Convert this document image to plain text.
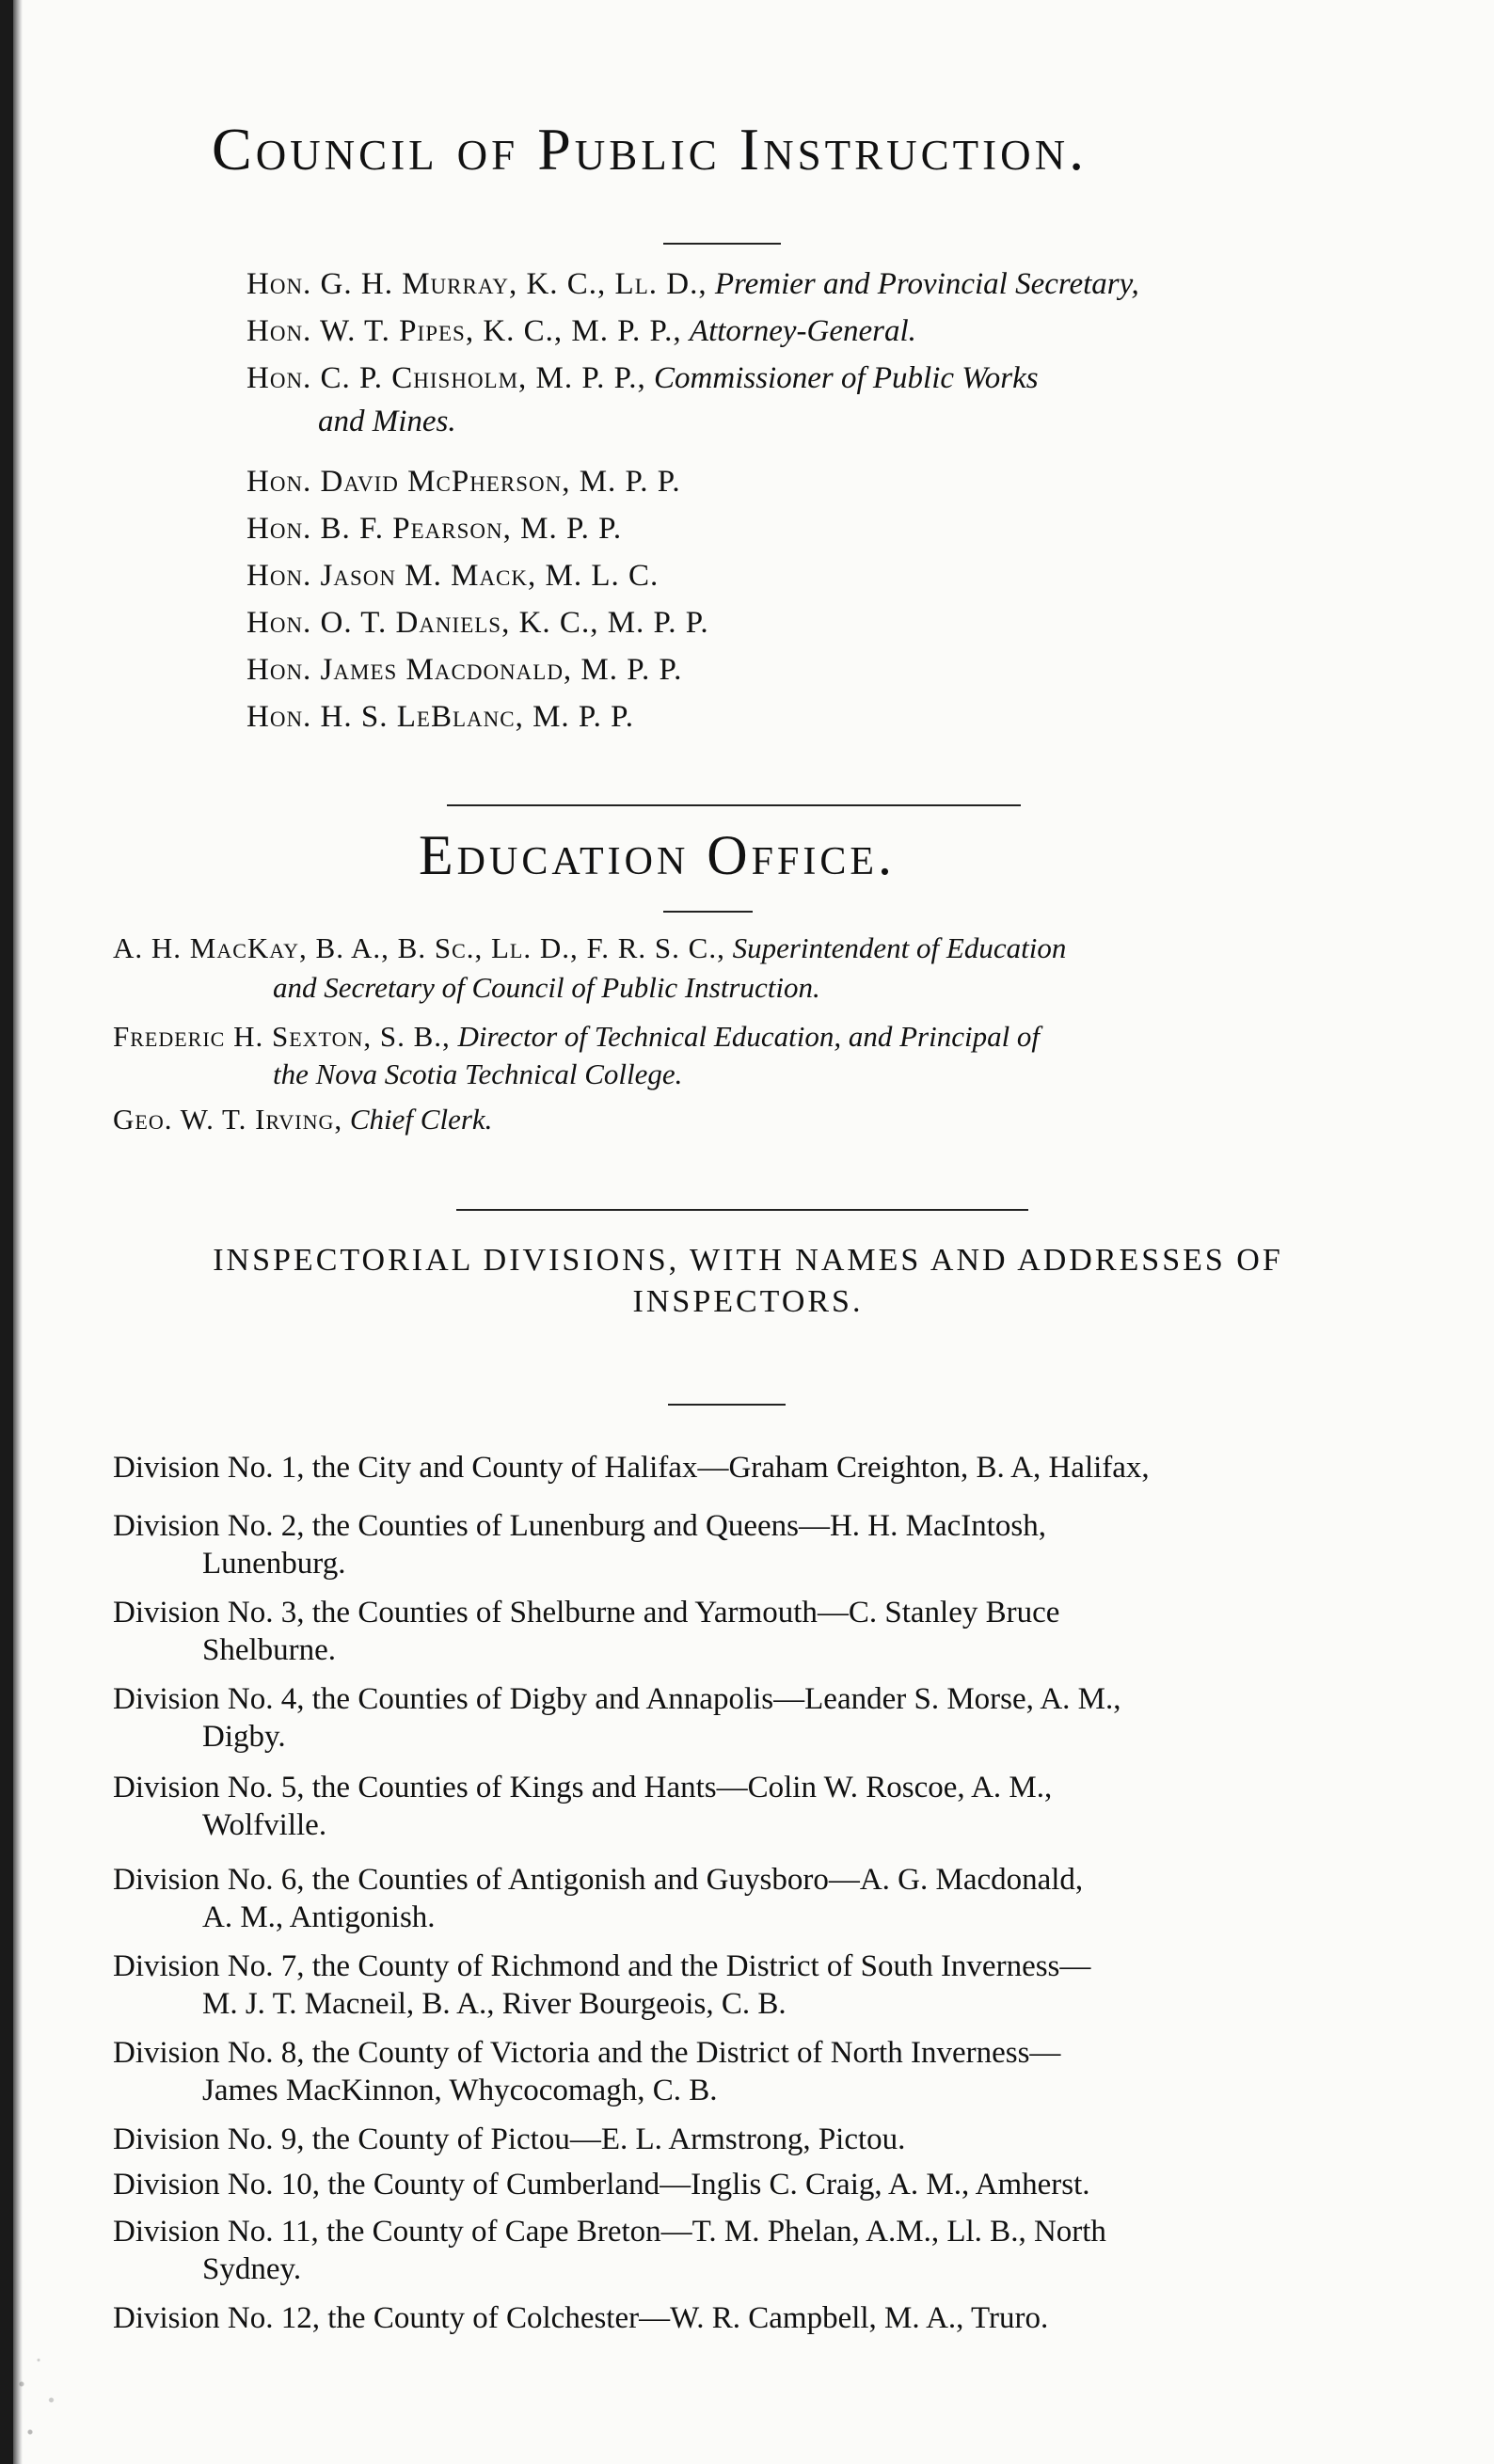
Council of Public Instruction.
Hon. G. H. Murray, K. C., Ll. D., Premier and Provincial Secretary,
Hon. W. T. Pipes, K. C., M. P. P., Attorney-General.
Hon. C. P. Chisholm, M. P. P., Commissioner of Public Works
and Mines.
Hon. David McPherson, M. P. P.
Hon. B. F. Pearson, M. P. P.
Hon. Jason M. Mack, M. L. C.
Hon. O. T. Daniels, K. C., M. P. P.
Hon. James Macdonald, M. P. P.
Hon. H. S. LeBlanc, M. P. P.
Education Office.
A. H. MacKay, B. A., B. Sc., Ll. D., F. R. S. C., Superintendent of Education
and Secretary of Council of Public Instruction.
Frederic H. Sexton, S. B., Director of Technical Education, and Principal of
the Nova Scotia Technical College.
Geo. W. T. Irving, Chief Clerk.
INSPECTORIAL DIVISIONS, WITH NAMES AND ADDRESSES OF
INSPECTORS.
Division No. 1, the City and County of Halifax—Graham Creighton, B. A, Halifax,
Division No. 2, the Counties of Lunenburg and Queens—H. H. MacIntosh,
Lunenburg.
Division No. 3, the Counties of Shelburne and Yarmouth—C. Stanley Bruce
Shelburne.
Division No. 4, the Counties of Digby and Annapolis—Leander S. Morse, A. M.,
Digby.
Division No. 5, the Counties of Kings and Hants—Colin W. Roscoe, A. M.,
Wolfville.
Division No. 6, the Counties of Antigonish and Guysboro—A. G. Macdonald,
A. M., Antigonish.
Division No. 7, the County of Richmond and the District of South Inverness—
M. J. T. Macneil, B. A., River Bourgeois, C. B.
Division No. 8, the County of Victoria and the District of North Inverness—
James MacKinnon, Whycocomagh, C. B.
Division No. 9, the County of Pictou—E. L. Armstrong, Pictou.
Division No. 10, the County of Cumberland—Inglis C. Craig, A. M., Amherst.
Division No. 11, the County of Cape Breton—T. M. Phelan, A.M., Ll. B., North
Sydney.
Division No. 12, the County of Colchester—W. R. Campbell, M. A., Truro.
